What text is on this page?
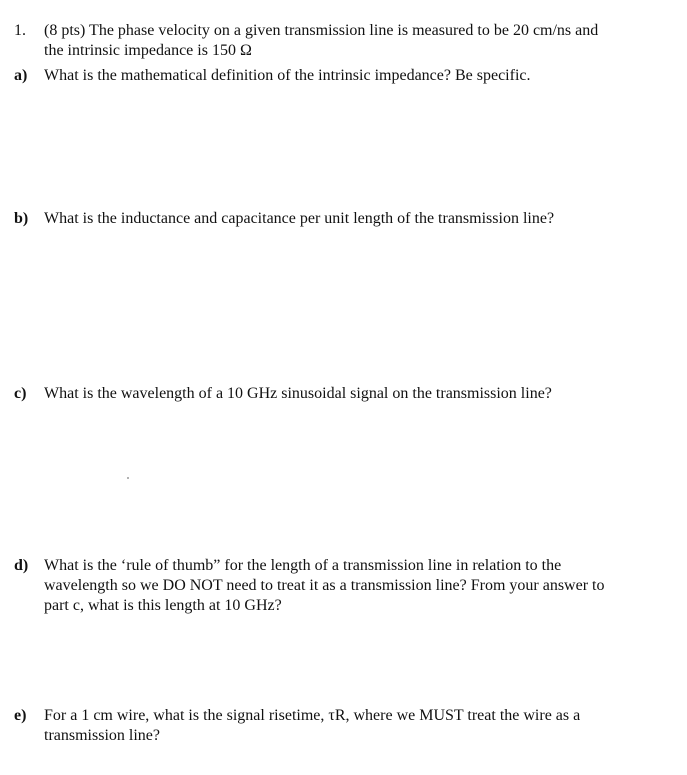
1. (8 pts) The phase velocity on a given transmission line is measured to be 20 cm/ns and
the intrinsic impedance is 150 Ω
a) What is the mathematical definition of the intrinsic impedance? Be specific.
b) What is the inductance and capacitance per unit length of the transmission line?
c) What is the wavelength of a 10 GHz sinusoidal signal on the transmission line?
d) What is the ‘rule of thumb” for the length of a transmission line in relation to the
wavelength so we DO NOT need to treat it as a transmission line? From your answer to
part c, what is this length at 10 GHz?
e) For a 1 cm wire, what is the signal risetime, τR, where we MUST treat the wire as a
transmission line?
